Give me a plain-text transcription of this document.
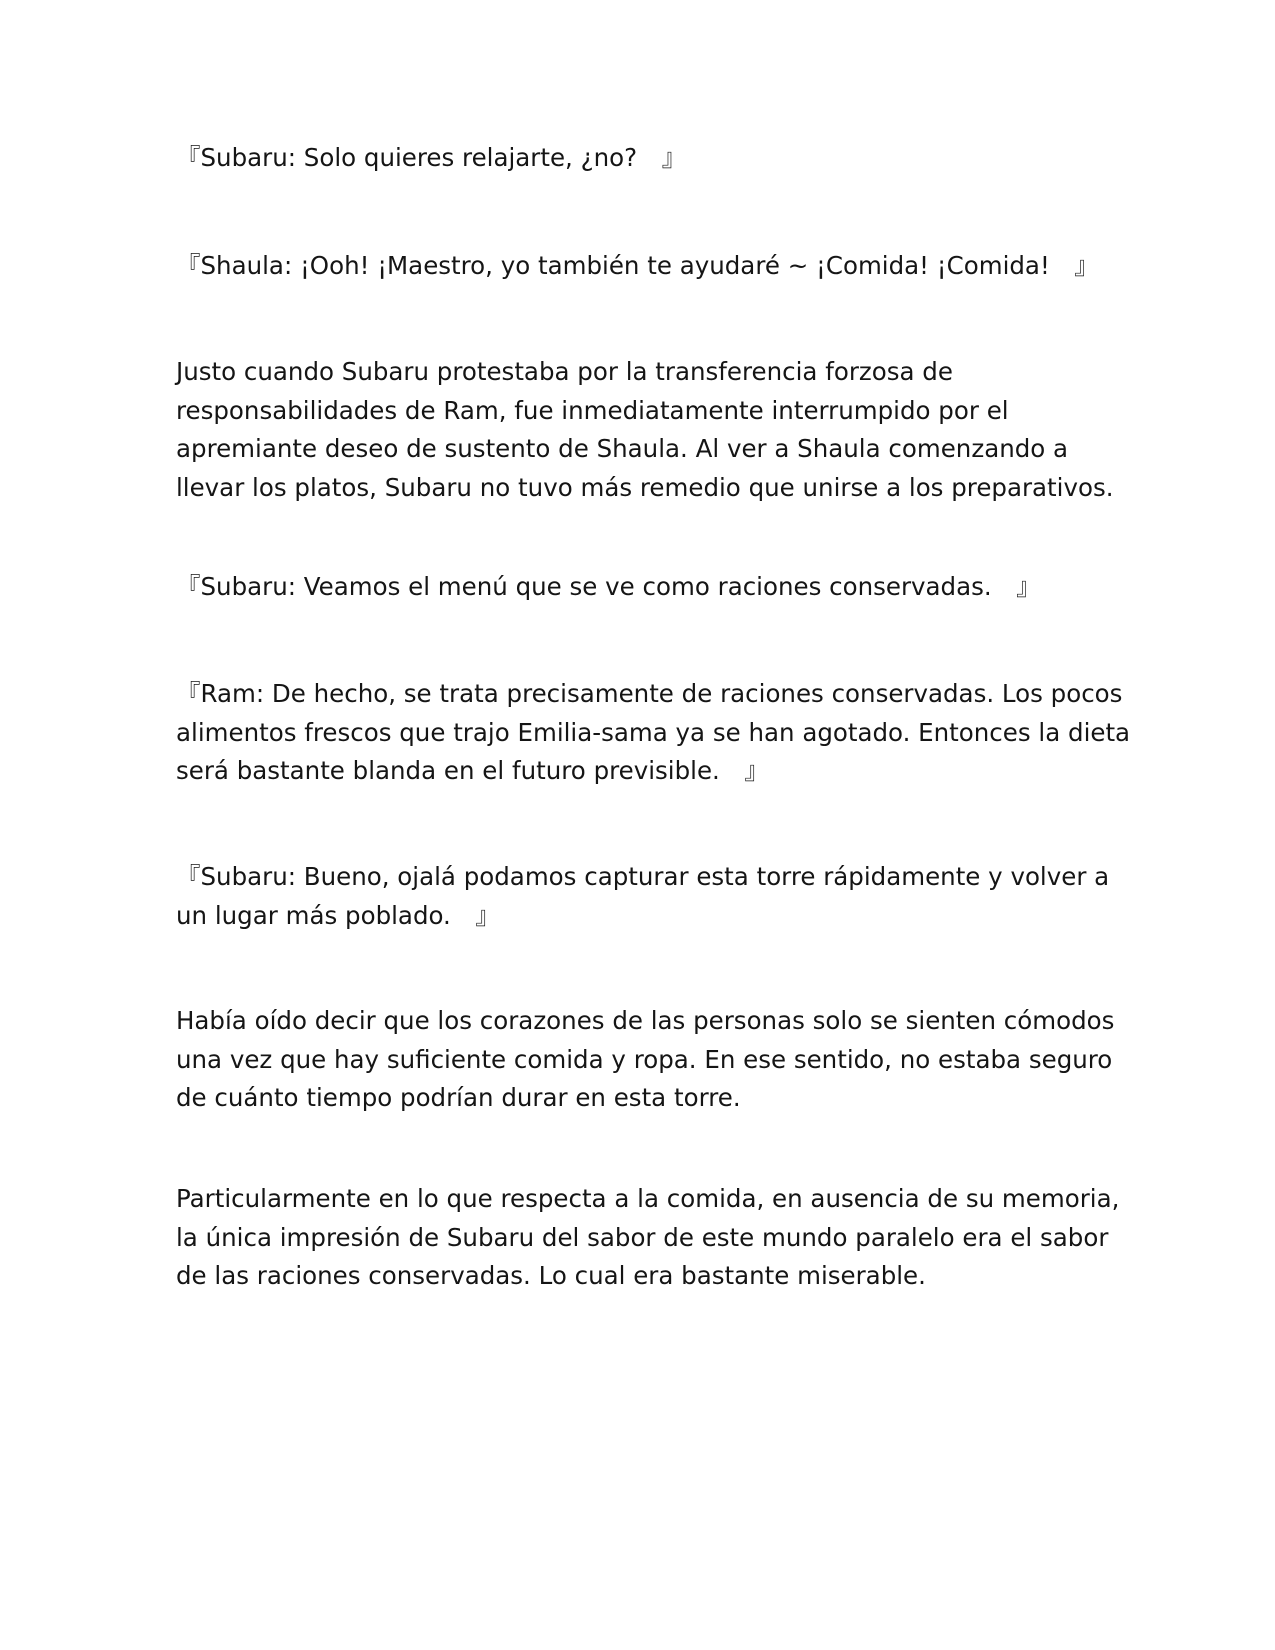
『Subaru: Solo quieres relajarte, ¿no?　』

『Shaula: ¡Ooh! ¡Maestro, yo también te ayudaré ~ ¡Comida! ¡Comida!　』

Justo cuando Subaru protestaba por la transferencia forzosa de
responsabilidades de Ram, fue inmediatamente interrumpido por el
apremiante deseo de sustento de Shaula. Al ver a Shaula comenzando a
llevar los platos, Subaru no tuvo más remedio que unirse a los preparativos.

『Subaru: Veamos el menú que se ve como raciones conservadas.　』

『Ram: De hecho, se trata precisamente de raciones conservadas. Los pocos
alimentos frescos que trajo Emilia-sama ya se han agotado. Entonces la dieta
será bastante blanda en el futuro previsible.　』

『Subaru: Bueno, ojalá podamos capturar esta torre rápidamente y volver a
un lugar más poblado.　』

Había oído decir que los corazones de las personas solo se sienten cómodos
una vez que hay suficiente comida y ropa. En ese sentido, no estaba seguro
de cuánto tiempo podrían durar en esta torre.

Particularmente en lo que respecta a la comida, en ausencia de su memoria,
la única impresión de Subaru del sabor de este mundo paralelo era el sabor
de las raciones conservadas. Lo cual era bastante miserable.
